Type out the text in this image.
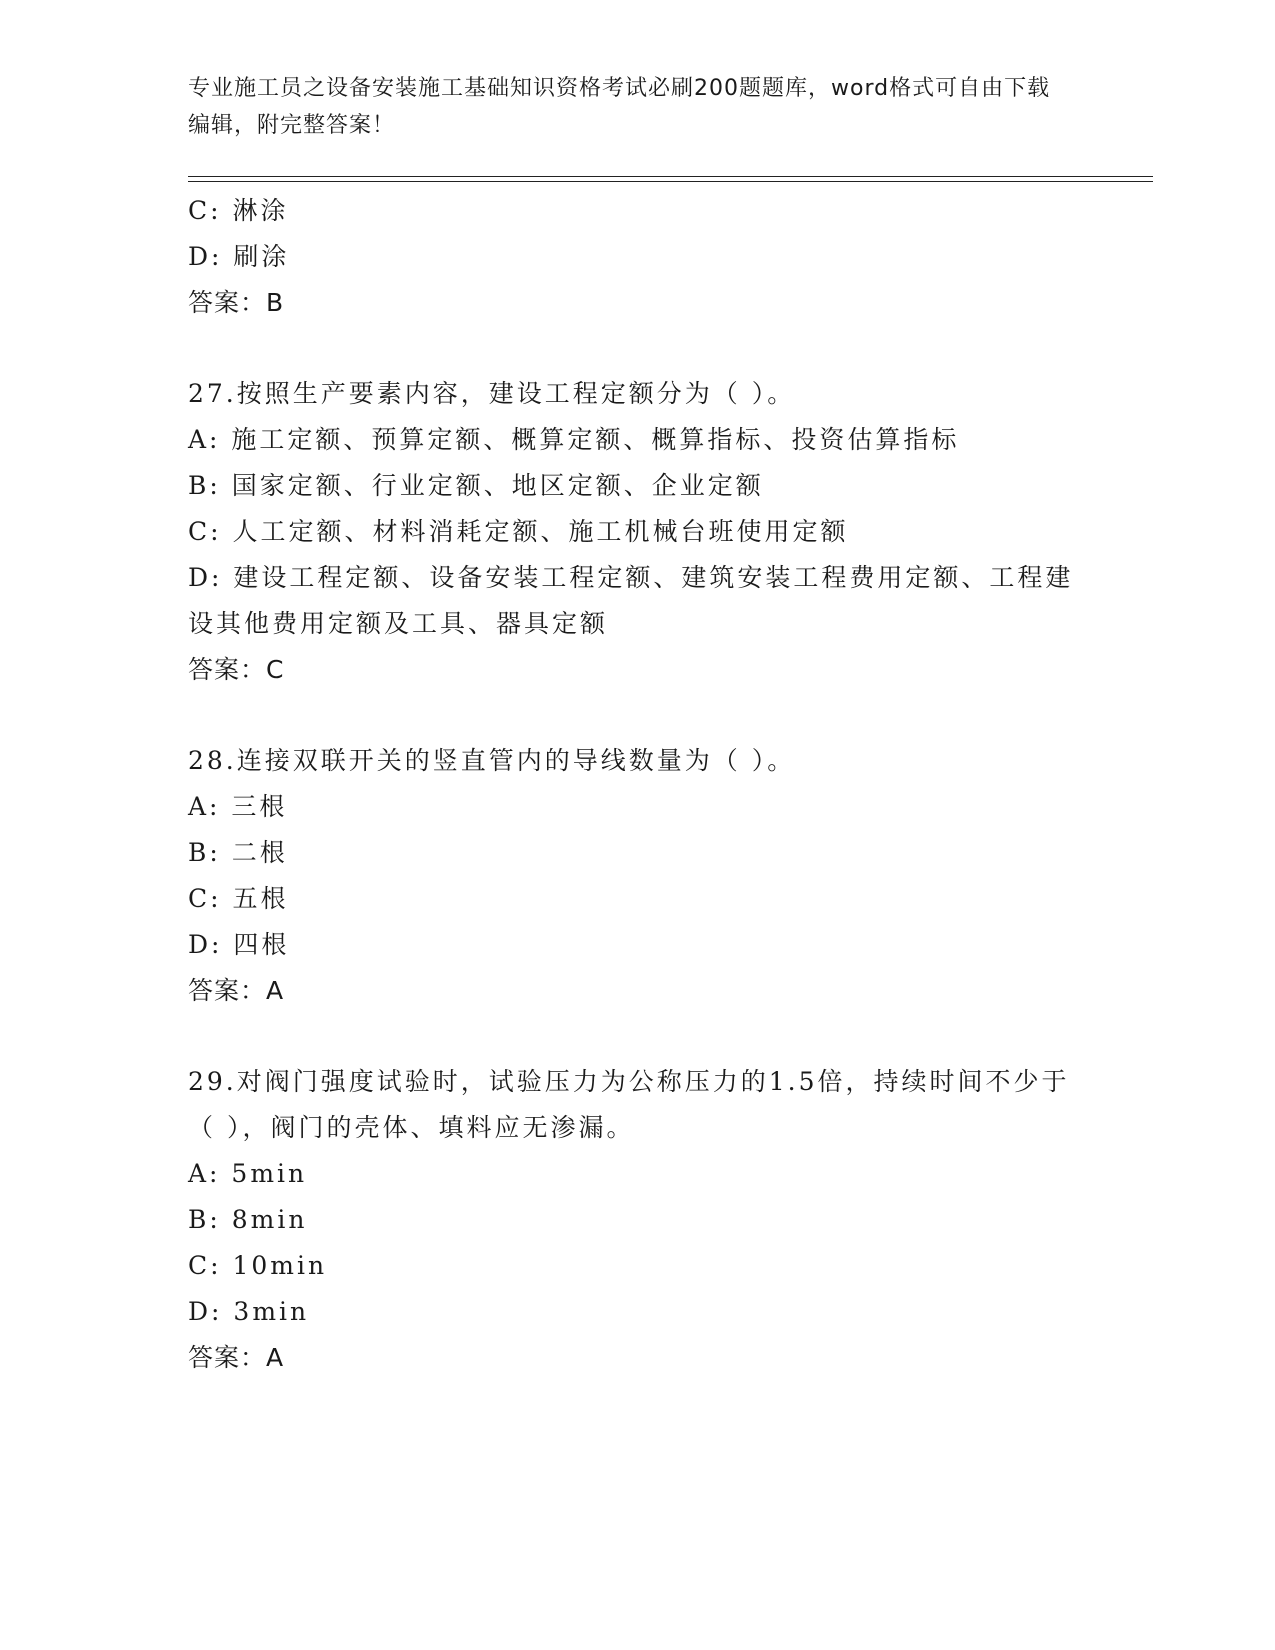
专业施工员之设备安装施工基础知识资格考试必刷200题题库，word格式可自由下载编辑，附完整答案！

C: 淋涂

D: 刷涂

答案：B

27.按照生产要素内容，建设工程定额分为（ ）。

A: 施工定额、预算定额、概算定额、概算指标、投资估算指标

B: 国家定额、行业定额、地区定额、企业定额

C: 人工定额、材料消耗定额、施工机械台班使用定额

D: 建设工程定额、设备安装工程定额、建筑安装工程费用定额、工程建设其他费用定额及工具、器具定额

答案：C

28.连接双联开关的竖直管内的导线数量为（ ）。

A: 三根

B: 二根

C: 五根

D: 四根

答案：A

29.对阀门强度试验时，试验压力为公称压力的1.5倍，持续时间不少于（ ），阀门的壳体、填料应无渗漏。

A: 5min

B: 8min

C: 10min

D: 3min

答案：A
